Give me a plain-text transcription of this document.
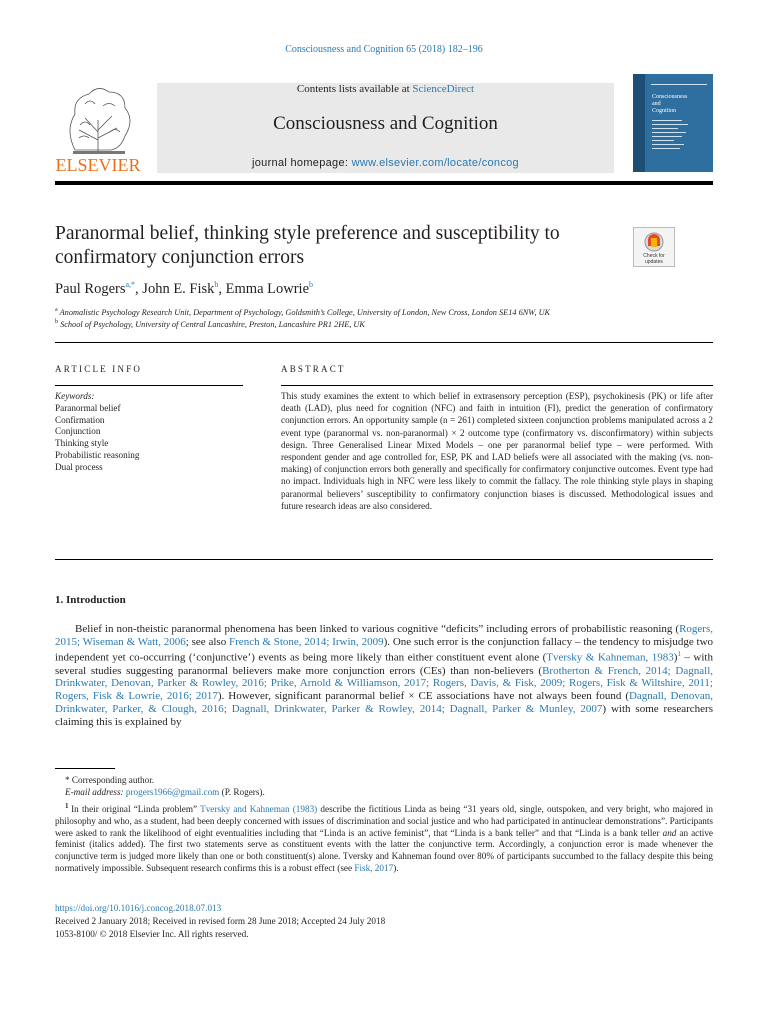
Consciousness and Cognition 65 (2018) 182–196
ELSEVIER
Contents lists available at ScienceDirect
Consciousness and Cognition
journal homepage: www.elsevier.com/locate/concog
Consciousness
and
Cognition
Paranormal belief, thinking style preference and susceptibility to confirmatory conjunction errors	Check for
updates
Paul Rogers$^{a,*}$, John E. Fisk$^b$, Emma Lowrie$^b$
$^a$ Anomalistic Psychology Research Unit, Department of Psychology, Goldsmith’s College, University of London, New Cross, London SE14 6NW, UK
$^b$ School of Psychology, University of Central Lancashire, Preston, Lancashire PR1 2HE, UK
ARTICLE INFO
Keywords:
Paranormal belief
Confirmation
Conjunction
Thinking style
Probabilistic reasoning
Dual process
ABSTRACT
This study examines the extent to which belief in extrasensory perception (ESP), psychokinesis (PK) or life after death (LAD), plus need for cognition (NFC) and faith in intuition (FI), predict the generation of confirmatory conjunction errors. An opportunity sample (n = 261) completed sixteen conjunction problems manipulated across a 2 event type (paranormal vs. non-paranormal) × 2 outcome type (confirmatory vs. disconfirmatory) within subjects design. Three Generalised Linear Mixed Models – one per paranormal belief type – were performed. With respondent gender and age controlled for, ESP, PK and LAD beliefs were all associated with the making (vs. non-making) of conjunction errors both generally and specifically for confirmatory conjunctive outcomes. Event type had no impact. Individuals high in NFC were less likely to commit the fallacy. The role thinking style plays in shaping paranormal believers’ susceptibility to confirmatory conjunction biases is discussed. Methodological issues and future research ideas are also considered.
1. Introduction
Belief in non-theistic paranormal phenomena has been linked to various cognitive “deficits” including errors of probabilistic reasoning (Rogers, 2015; Wiseman & Watt, 2006; see also French & Stone, 2014; Irwin, 2009). One such error is the conjunction fallacy – the tendency to misjudge two independent yet co-occurring (‘conjunctive’) events as being more likely than either constituent event alone (Tversky & Kahneman, 1983)$^1$ – with several studies suggesting paranormal believers make more conjunction errors (CEs) than non-believers (Brotherton & French, 2014; Dagnall, Drinkwater, Denovan, Parker & Rowley, 2016; Prike, Arnold & Williamson, 2017; Rogers, Davis, & Fisk, 2009; Rogers, Fisk & Wiltshire, 2011; Rogers, Fisk & Lowrie, 2016; 2017). However, significant paranormal belief × CE associations have not always been found (Dagnall, Denovan, Drinkwater, Parker, & Clough, 2016; Dagnall, Drinkwater, Parker & Rowley, 2014; Dagnall, Parker & Munley, 2007) with some researchers claiming this is explained by
* Corresponding author.
E-mail address: progers1966@gmail.com (P. Rogers).
$^1$ In their original “Linda problem” Tversky and Kahneman (1983) describe the fictitious Linda as being “31 years old, single, outspoken, and very bright, who majored in philosophy and who, as a student, had been deeply concerned with issues of discrimination and social justice and who had participated in antinuclear demonstrations”. Participants were asked to rank the likelihood of eight eventualities including that “Linda is an active feminist”, that “Linda is a bank teller” and that “Linda is a bank teller and an active feminist (italics added). The first two statements serve as constituent events with the latter the conjunctive term. Accordingly, a conjunction error is made whenever the conjunctive term is judged more likely than one or both constituent(s) alone. Tversky and Kahneman found over 80% of participants succumbed to the fallacy despite this being normatively impossible. Subsequent research confirms this is a robust effect (see Fisk, 2017).
https://doi.org/10.1016/j.concog.2018.07.013
Received 2 January 2018; Received in revised form 28 June 2018; Accepted 24 July 2018
1053-8100/ © 2018 Elsevier Inc. All rights reserved.
